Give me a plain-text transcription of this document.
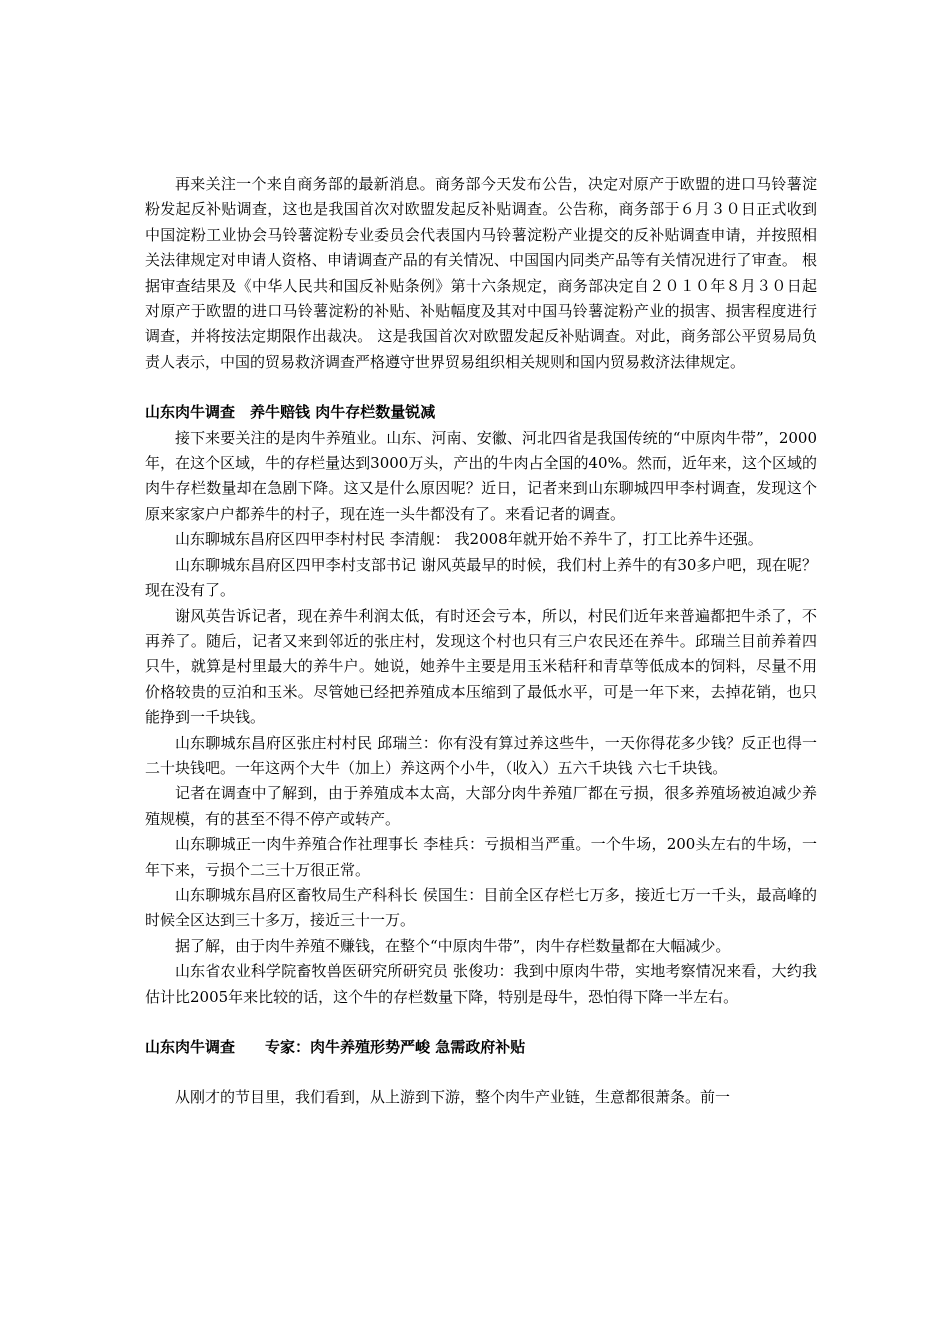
再来关注一个来自商务部的最新消息。商务部今天发布公告，决定对原产于欧盟的进口马铃薯淀粉发起反补贴调查，这也是我国首次对欧盟发起反补贴调查。公告称，商务部于６月３０日正式收到中国淀粉工业协会马铃薯淀粉专业委员会代表国内马铃薯淀粉产业提交的反补贴调查申请，并按照相关法律规定对申请人资格、申请调查产品的有关情况、中国国内同类产品等有关情况进行了审查。 根据审查结果及《中华人民共和国反补贴条例》第十六条规定，商务部决定自２０１０年８月３０日起对原产于欧盟的进口马铃薯淀粉的补贴、补贴幅度及其对中国马铃薯淀粉产业的损害、损害程度进行调查，并将按法定期限作出裁决。 这是我国首次对欧盟发起反补贴调查。对此，商务部公平贸易局负责人表示，中国的贸易救济调查严格遵守世界贸易组织相关规则和国内贸易救济法律规定。

山东肉牛调查　养牛赔钱 肉牛存栏数量锐减

接下来要关注的是肉牛养殖业。山东、河南、安徽、河北四省是我国传统的“中原肉牛带”，2000年，在这个区域，牛的存栏量达到3000万头，产出的牛肉占全国的40%。然而，近年来，这个区域的肉牛存栏数量却在急剧下降。这又是什么原因呢？近日，记者来到山东聊城四甲李村调查，发现这个原来家家户户都养牛的村子，现在连一头牛都没有了。来看记者的调查。

山东聊城东昌府区四甲李村村民 李清舰： 我2008年就开始不养牛了，打工比养牛还强。

山东聊城东昌府区四甲李村支部书记 谢风英最早的时候，我们村上养牛的有30多户吧，现在呢？现在没有了。

谢风英告诉记者，现在养牛利润太低，有时还会亏本，所以，村民们近年来普遍都把牛杀了，不再养了。随后，记者又来到邻近的张庄村，发现这个村也只有三户农民还在养牛。邱瑞兰目前养着四只牛，就算是村里最大的养牛户。她说，她养牛主要是用玉米秸秆和青草等低成本的饲料，尽量不用价格较贵的豆泊和玉米。尽管她已经把养殖成本压缩到了最低水平，可是一年下来，去掉花销，也只能挣到一千块钱。

山东聊城东昌府区张庄村村民 邱瑞兰：你有没有算过养这些牛，一天你得花多少钱？反正也得一二十块钱吧。一年这两个大牛（加上）养这两个小牛，（收入）五六千块钱 六七千块钱。

记者在调查中了解到，由于养殖成本太高，大部分肉牛养殖厂都在亏损，很多养殖场被迫减少养殖规模，有的甚至不得不停产或转产。

山东聊城正一肉牛养殖合作社理事长 李桂兵：亏损相当严重。一个牛场，200头左右的牛场，一年下来，亏损个二三十万很正常。

山东聊城东昌府区畜牧局生产科科长 侯国生：目前全区存栏七万多，接近七万一千头，最高峰的时候全区达到三十多万，接近三十一万。

据了解，由于肉牛养殖不赚钱，在整个“中原肉牛带”，肉牛存栏数量都在大幅减少。

山东省农业科学院畜牧兽医研究所研究员 张俊功：我到中原肉牛带，实地考察情况来看，大约我估计比2005年来比较的话，这个牛的存栏数量下降，特别是母牛，恐怕得下降一半左右。

山东肉牛调查　　专家：肉牛养殖形势严峻 急需政府补贴

从刚才的节目里，我们看到，从上游到下游，整个肉牛产业链，生意都很萧条。前一
